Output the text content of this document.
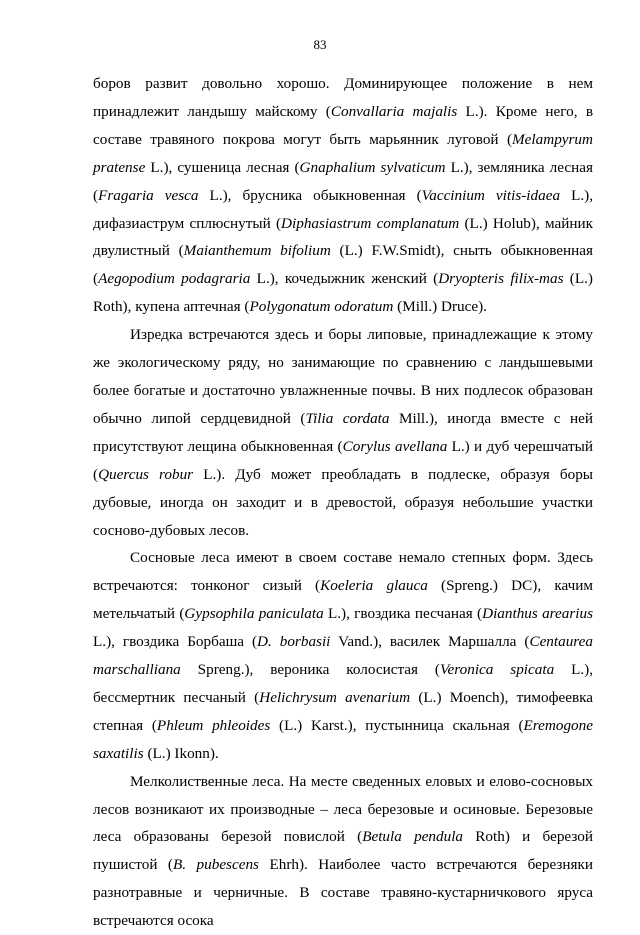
83

боров развит довольно хорошо. Доминирующее положение в нем принадлежит ландышу майскому (Convallaria majalis L.). Кроме него, в составе травяного покрова могут быть марьянник луговой (Melampyrum pratense L.), сушеница лесная (Gnaphalium sylvaticum L.), земляника лесная (Fragaria vesca L.), брусника обыкновенная (Vaccinium vitis-idaea L.), дифазиаструм сплюснутый (Diphasiastrum complanatum (L.) Holub), майник двулистный (Maianthemum bifolium (L.) F.W.Smidt), сныть обыкновенная (Aegopodium podagraria L.), кочедыжник женский (Dryopteris filix-mas (L.) Roth), купена аптечная (Polygonatum odoratum (Mill.) Druce).

Изредка встречаются здесь и боры липовые, принадлежащие к этому же экологическому ряду, но занимающие по сравнению с ландышевыми более богатые и достаточно увлажненные почвы. В них подлесок образован обычно липой сердцевидной (Tilia cordata Mill.), иногда вместе с ней присутствуют лещина обыкновенная (Corylus avellana L.) и дуб черешчатый (Quercus robur L.). Дуб может преобладать в подлеске, образуя боры дубовые, иногда он заходит и в древостой, образуя небольшие участки сосново-дубовых лесов.

Сосновые леса имеют в своем составе немало степных форм. Здесь встречаются: тонконог сизый (Koeleria glauca (Spreng.) DC), качим метельчатый (Gypsophila paniculata L.), гвоздика песчаная (Dianthus arearius L.), гвоздика Борбаша (D. borbasii Vand.), василек Маршалла (Centaurea marschalliana Spreng.), вероника колосистая (Veronica spicata L.), бессмертник песчаный (Helichrysum avenarium (L.) Moench), тимофеевка степная (Phleum phleoides (L.) Karst.), пустынница скальная (Eremogone saxatilis (L.) Ikonn).

Мелколиственные леса. На месте сведенных еловых и елово-сосновых лесов возникают их производные – леса березовые и осиновые. Березовые леса образованы березой повислой (Betula pendula Roth) и березой пушистой (B. pubescens Ehrh). Наиболее часто встречаются березняки разнотравные и черничные. В составе травяно-кустарничкового яруса встречаются осока
